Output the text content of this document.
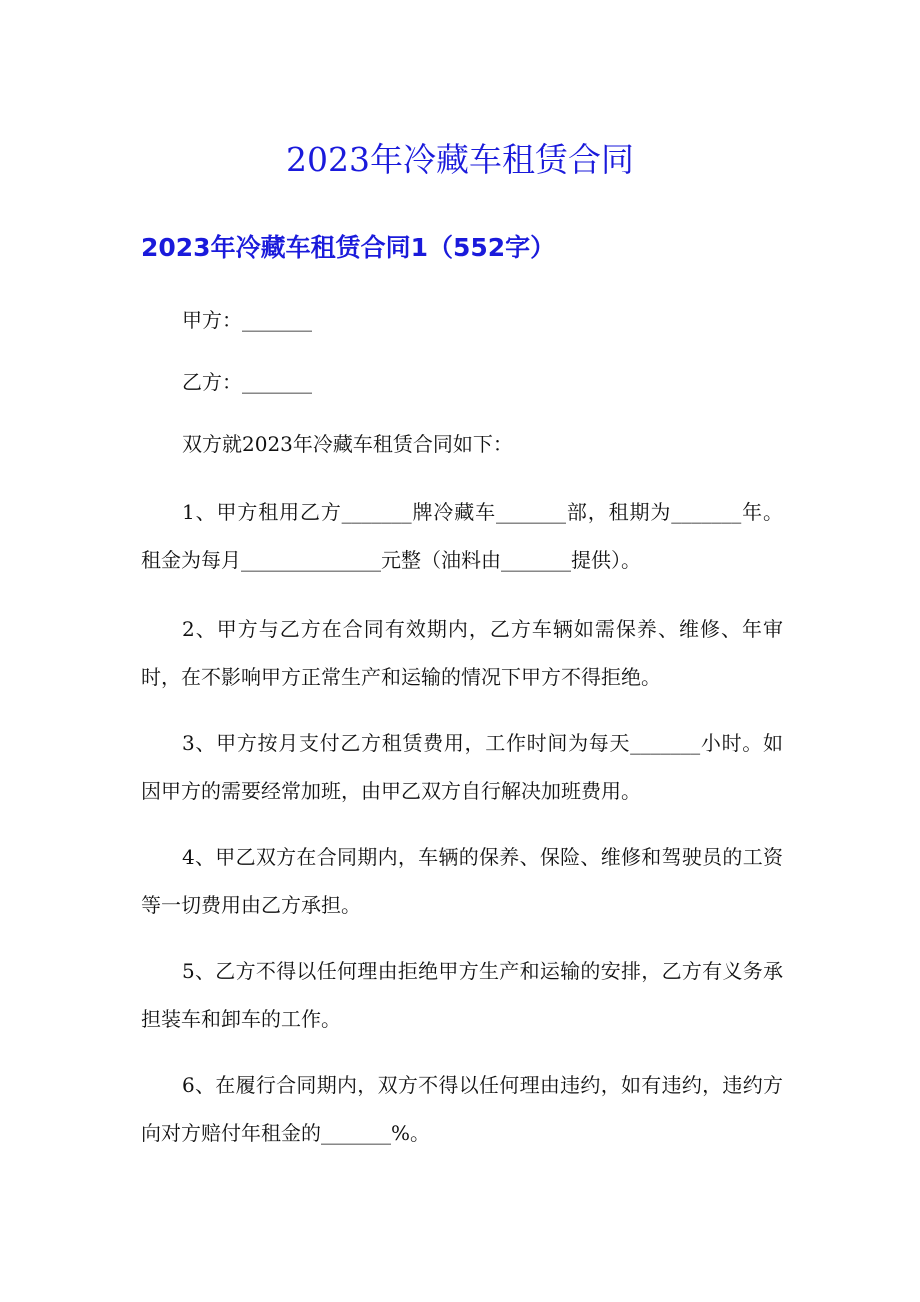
2023年冷藏车租赁合同
2023年冷藏车租赁合同1（552字）

甲方：_______

乙方：_______

双方就2023年冷藏车租赁合同如下：

1、甲方租用乙方_______牌冷藏车_______部，租期为_______年。租金为每月______________元整（油料由_______提供）。

2、甲方与乙方在合同有效期内，乙方车辆如需保养、维修、年审时，在不影响甲方正常生产和运输的情况下甲方不得拒绝。

3、甲方按月支付乙方租赁费用，工作时间为每天_______小时。如因甲方的需要经常加班，由甲乙双方自行解决加班费用。

4、甲乙双方在合同期内，车辆的保养、保险、维修和驾驶员的工资等一切费用由乙方承担。

5、乙方不得以任何理由拒绝甲方生产和运输的安排，乙方有义务承担装车和卸车的工作。

6、在履行合同期内，双方不得以任何理由违约，如有违约，违约方向对方赔付年租金的_______%。
